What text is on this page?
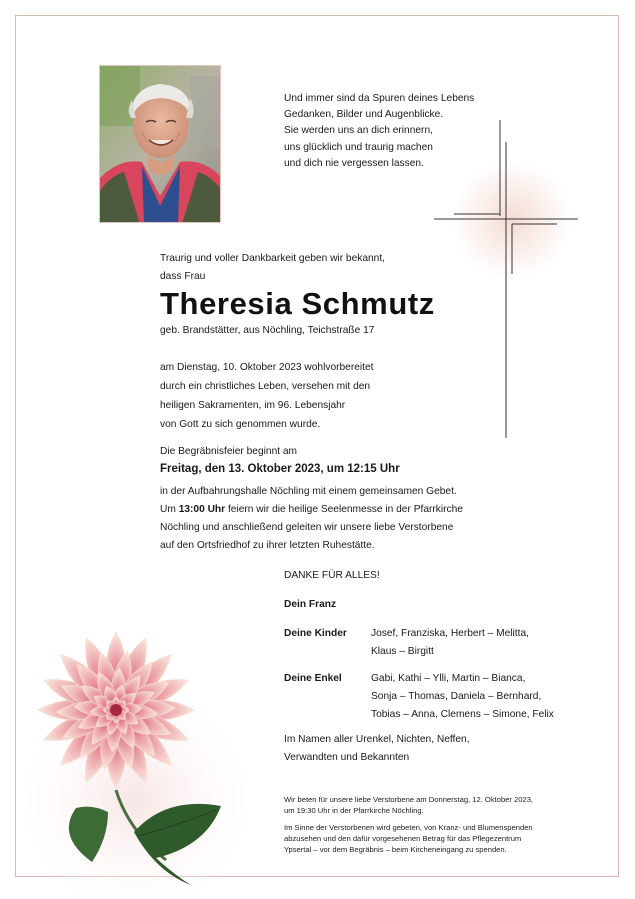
Und immer sind da Spuren deines Lebens
Gedanken, Bilder und Augenblicke.
Sie werden uns an dich erinnern,
uns glücklich und traurig machen
und dich nie vergessen lassen.
Traurig und voller Dankbarkeit geben wir bekannt,
dass Frau
Theresia Schmutz
geb. Brandstätter, aus Nöchling, Teichstraße 17
am Dienstag, 10. Oktober 2023 wohlvorbereitet
durch ein christliches Leben, versehen mit den
heiligen Sakramenten, im 96. Lebensjahr
von Gott zu sich genommen wurde.
Die Begräbnisfeier beginnt am
Freitag, den 13. Oktober 2023, um 12:15 Uhr
in der Aufbahrungshalle Nöchling mit einem gemeinsamen Gebet.
Um 13:00 Uhr feiern wir die heilige Seelenmesse in der Pfarrkirche
Nöchling und anschließend geleiten wir unsere liebe Verstorbene
auf den Ortsfriedhof zu ihrer letzten Ruhestätte.
DANKE FÜR ALLES!
Dein Franz
Deine Kinder Josef, Franziska, Herbert – Melitta,
Klaus – Birgitt
Deine Enkel	Gabi, Kathi – Ylli, Martin – Bianca,
Sonja – Thomas, Daniela – Bernhard,
Tobias – Anna, Clemens – Simone, Felix
Im Namen aller Urenkel, Nichten, Neffen,
Verwandten und Bekannten
Wir beten für unsere liebe Verstorbene am Donnerstag, 12. Oktober 2023,
um 19:30 Uhr in der Pfarrkirche Nöchling.
Im Sinne der Verstorbenen wird gebeten, von Kranz- und Blumenspenden
abzusehen und den dafür vorgesehenen Betrag für das Pflegezentrum
Ypsertal – vor dem Begräbnis – beim Kircheneingang zu spenden.
